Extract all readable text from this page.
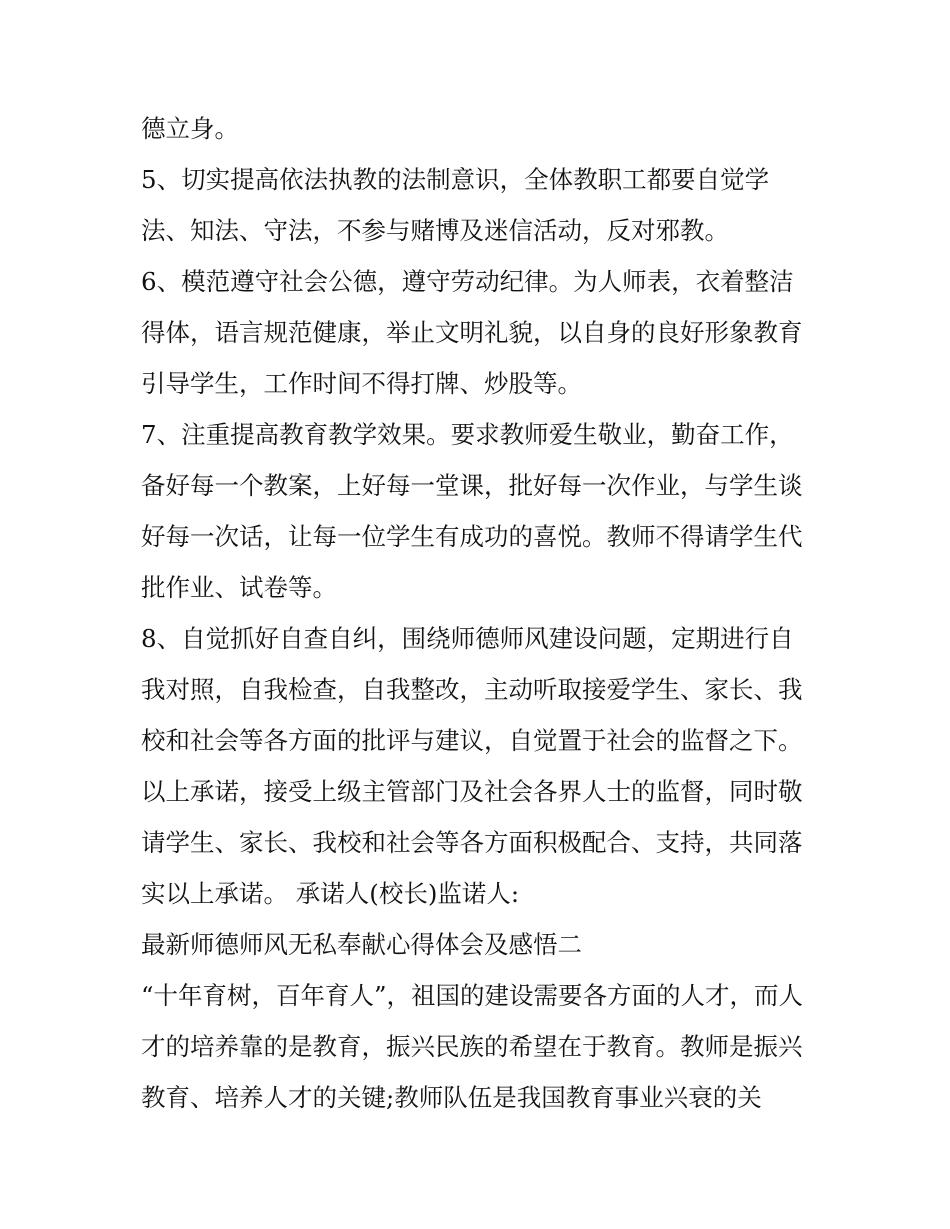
德立身。
5、切实提高依法执教的法制意识，全体教职工都要自觉学
法、知法、守法，不参与赌博及迷信活动，反对邪教。
6、模范遵守社会公德，遵守劳动纪律。为人师表，衣着整洁
得体，语言规范健康，举止文明礼貌，以自身的良好形象教育
引导学生，工作时间不得打牌、炒股等。
7、注重提高教育教学效果。要求教师爱生敬业，勤奋工作，
备好每一个教案，上好每一堂课，批好每一次作业，与学生谈
好每一次话，让每一位学生有成功的喜悦。教师不得请学生代
批作业、试卷等。
8、自觉抓好自查自纠，围绕师德师风建设问题，定期进行自
我对照，自我检查，自我整改，主动听取接爱学生、家长、我
校和社会等各方面的批评与建议，自觉置于社会的监督之下。
以上承诺，接受上级主管部门及社会各界人士的监督，同时敬
请学生、家长、我校和社会等各方面积极配合、支持，共同落
实以上承诺。 承诺人(校长)监诺人:
最新师德师风无私奉献心得体会及感悟二
“十年育树，百年育人”，祖国的建设需要各方面的人才，而人
才的培养靠的是教育，振兴民族的希望在于教育。教师是振兴
教育、培养人才的关键;教师队伍是我国教育事业兴衰的关
